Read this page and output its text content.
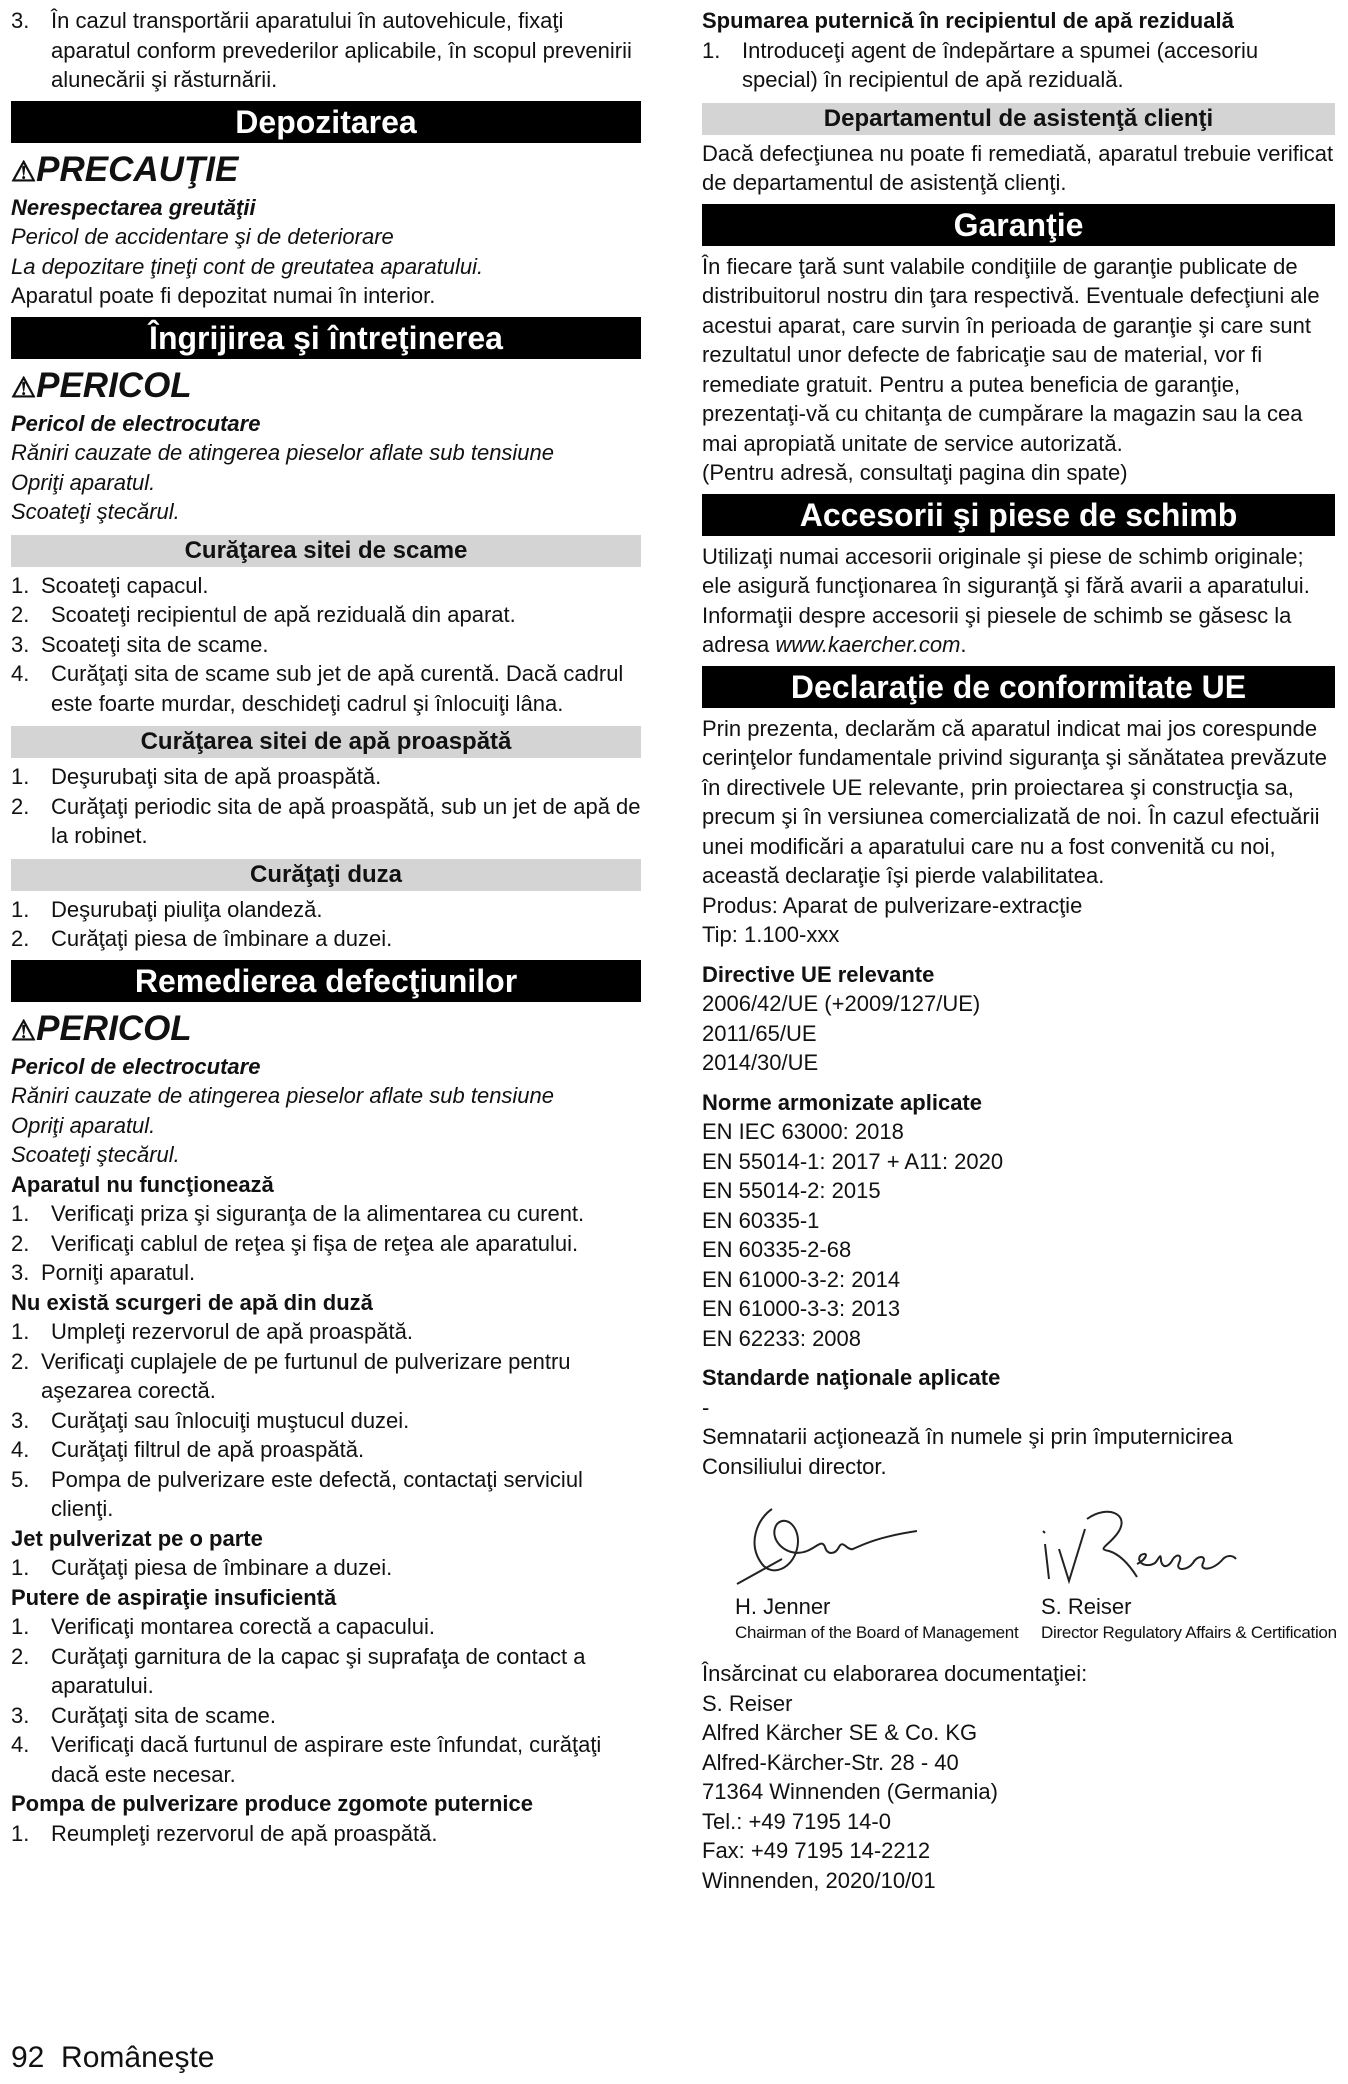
3. În cazul transportării aparatului în autovehicule, fixaţi aparatul conform prevederilor aplicabile, în scopul prevenirii alunecării şi răsturnării.

Depozitarea

⚠PRECAUŢIE

Nerespectarea greutăţii

Pericol de accidentare şi de deteriorare

La depozitare ţineţi cont de greutatea aparatului.

Aparatul poate fi depozitat numai în interior.

Îngrijirea şi întreţinerea

⚠PERICOL

Pericol de electrocutare

Răniri cauzate de atingerea pieselor aflate sub tensiune

Opriţi aparatul.

Scoateţi ştecărul.

Curăţarea sitei de scame

1. Scoateţi capacul.

2. Scoateţi recipientul de apă reziduală din aparat.

3. Scoateţi sita de scame.

4. Curăţaţi sita de scame sub jet de apă curentă. Dacă cadrul este foarte murdar, deschideţi cadrul şi înlocuiţi lâna.

Curăţarea sitei de apă proaspătă

1. Deşurubaţi sita de apă proaspătă.

2. Curăţaţi periodic sita de apă proaspătă, sub un jet de apă de la robinet.

Curăţaţi duza

1. Deşurubaţi piuliţa olandeză.

2. Curăţaţi piesa de îmbinare a duzei.

Remedierea defecţiunilor

⚠PERICOL

Pericol de electrocutare

Răniri cauzate de atingerea pieselor aflate sub tensiune

Opriţi aparatul.

Scoateţi ştecărul.

Aparatul nu funcţionează

1. Verificaţi priza şi siguranţa de la alimentarea cu curent.

2. Verificaţi cablul de reţea şi fişa de reţea ale aparatului.

3. Porniţi aparatul.

Nu există scurgeri de apă din duză

1. Umpleţi rezervorul de apă proaspătă.

2. Verificaţi cuplajele de pe furtunul de pulverizare pentru aşezarea corectă.

3. Curăţaţi sau înlocuiţi muştucul duzei.

4. Curăţaţi filtrul de apă proaspătă.

5. Pompa de pulverizare este defectă, contactaţi serviciul clienţi.

Jet pulverizat pe o parte

1. Curăţaţi piesa de îmbinare a duzei.

Putere de aspiraţie insuficientă

1. Verificaţi montarea corectă a capacului.

2. Curăţaţi garnitura de la capac şi suprafaţa de contact a aparatului.

3. Curăţaţi sita de scame.

4. Verificaţi dacă furtunul de aspirare este înfundat, curăţaţi dacă este necesar.

Pompa de pulverizare produce zgomote puternice

1. Reumpleţi rezervorul de apă proaspătă.

Spumarea puternică în recipientul de apă reziduală

1. Introduceţi agent de îndepărtare a spumei (accesoriu special) în recipientul de apă reziduală.

Departamentul de asistenţă clienţi

Dacă defecţiunea nu poate fi remediată, aparatul trebuie verificat de departamentul de asistenţă clienţi.

Garanţie

În fiecare ţară sunt valabile condiţiile de garanţie publicate de distribuitorul nostru din ţara respectivă. Eventuale defecţiuni ale acestui aparat, care survin în perioada de garanţie şi care sunt rezultatul unor defecte de fabricaţie sau de material, vor fi remediate gratuit. Pentru a putea beneficia de garanţie, prezentaţi-vă cu chitanţa de cumpărare la magazin sau la cea mai apropiată unitate de service autorizată.

(Pentru adresă, consultaţi pagina din spate)

Accesorii şi piese de schimb

Utilizaţi numai accesorii originale şi piese de schimb originale; ele asigură funcţionarea în siguranţă şi fără avarii a aparatului.

Informaţii despre accesorii şi piesele de schimb se găsesc la adresa www.kaercher.com.

Declaraţie de conformitate UE

Prin prezenta, declarăm că aparatul indicat mai jos corespunde cerinţelor fundamentale privind siguranţa şi sănătatea prevăzute în directivele UE relevante, prin proiectarea şi construcţia sa, precum şi în versiunea comercializată de noi. În cazul efectuării unei modificări a aparatului care nu a fost convenită cu noi, această declaraţie îşi pierde valabilitatea.

Produs: Aparat de pulverizare-extracţie

Tip: 1.100-xxx

Directive UE relevante

2006/42/UE (+2009/127/UE)

2011/65/UE

2014/30/UE

Norme armonizate aplicate

EN IEC 63000: 2018

EN 55014-1: 2017 + A11: 2020

EN 55014-2: 2015

EN 60335-1

EN 60335-2-68

EN 61000-3-2: 2014

EN 61000-3-3: 2013

EN 62233: 2008

Standarde naţionale aplicate

-

Semnatarii acţionează în numele şi prin împuternicirea Consiliului director.

H. Jenner
Chairman of the Board of Management
S. Reiser
Director Regulatory Affairs & Certification

Însărcinat cu elaborarea documentaţiei:

S. Reiser

Alfred Kärcher SE & Co. KG

Alfred-Kärcher-Str. 28 - 40

71364 Winnenden (Germania)

Tel.: +49 7195 14-0

Fax: +49 7195 14-2212

Winnenden, 2020/10/01

92 Româneşte
